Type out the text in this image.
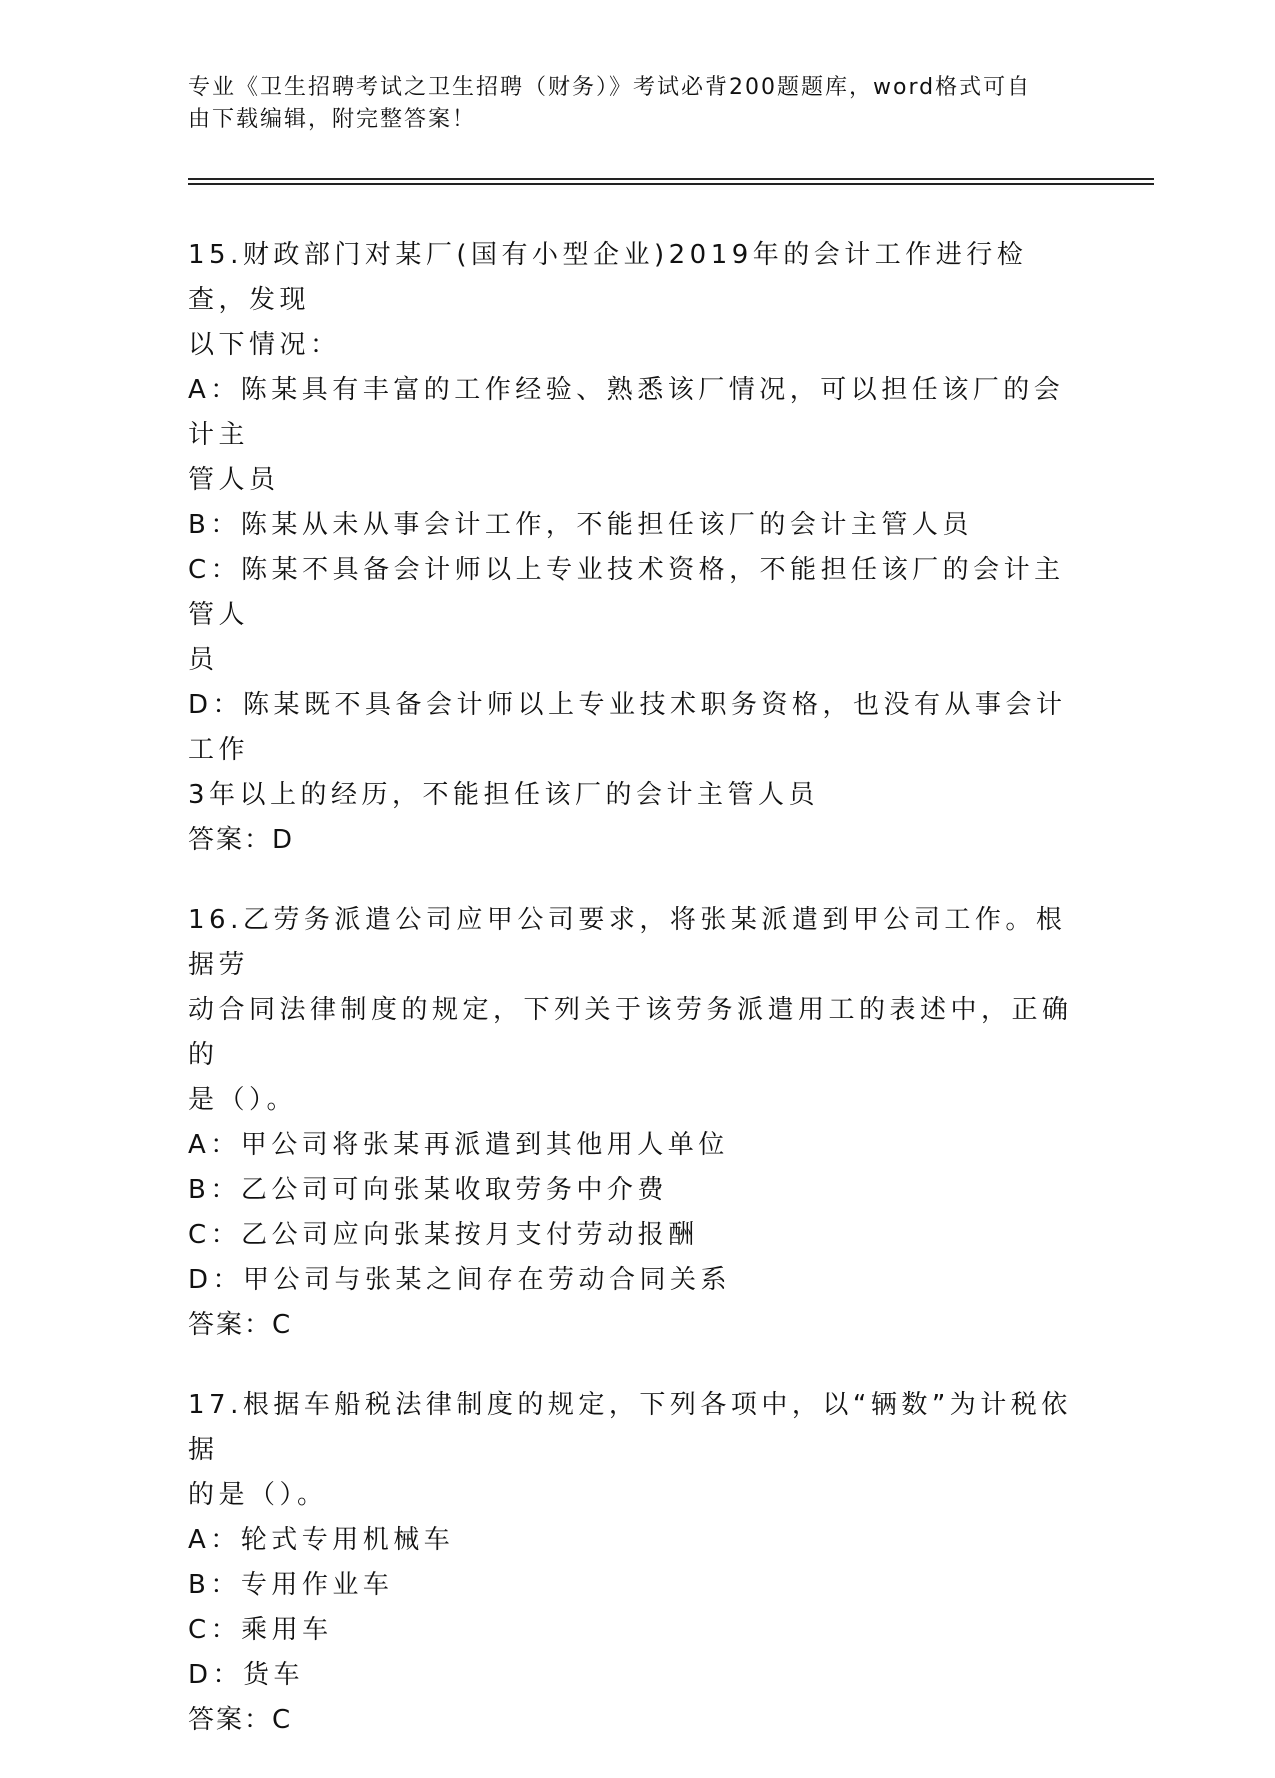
专业《卫生招聘考试之卫生招聘（财务）》考试必背200题题库，word格式可自
由下载编辑，附完整答案！

15.财政部门对某厂(国有小型企业)2019年的会计工作进行检查，发现

以下情况：

A：陈某具有丰富的工作经验、熟悉该厂情况，可以担任该厂的会计主

管人员

B：陈某从未从事会计工作，不能担任该厂的会计主管人员

C：陈某不具备会计师以上专业技术资格，不能担任该厂的会计主管人

员

D：陈某既不具备会计师以上专业技术职务资格，也没有从事会计工作

3年以上的经历，不能担任该厂的会计主管人员

答案：D

16.乙劳务派遣公司应甲公司要求，将张某派遣到甲公司工作。根据劳

动合同法律制度的规定，下列关于该劳务派遣用工的表述中，正确的

是（）。

A：甲公司将张某再派遣到其他用人单位

B：乙公司可向张某收取劳务中介费

C：乙公司应向张某按月支付劳动报酬

D：甲公司与张某之间存在劳动合同关系

答案：C

17.根据车船税法律制度的规定，下列各项中，以“辆数”为计税依据

的是（）。

A：轮式专用机械车

B：专用作业车

C：乘用车

D：货车

答案：C
